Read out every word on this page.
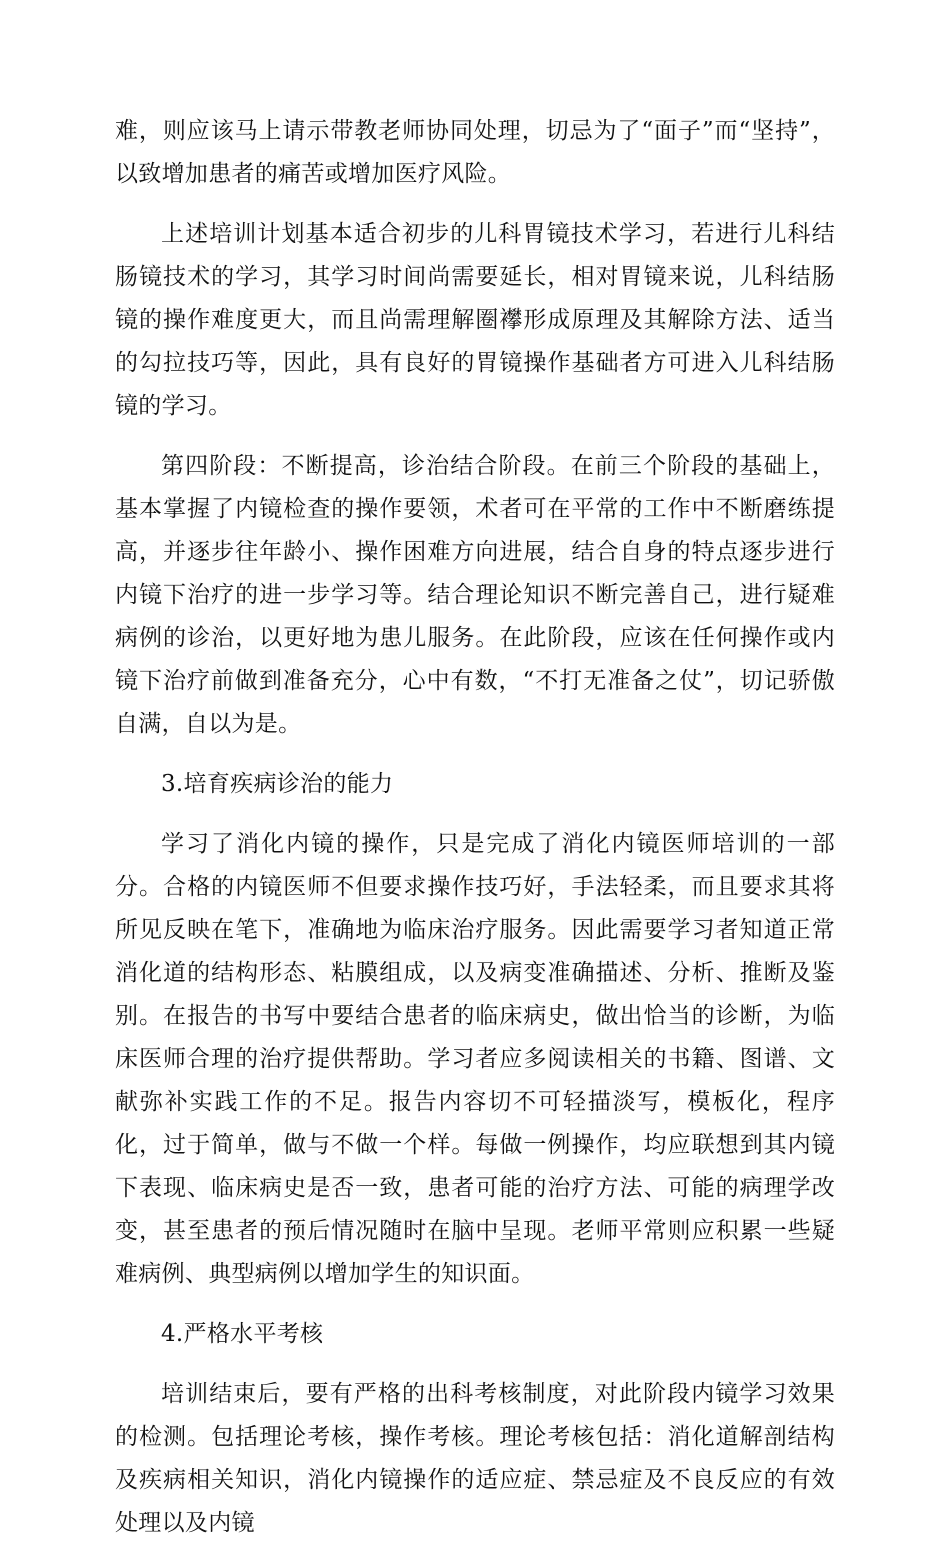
难，则应该马上请示带教老师协同处理，切忌为了“面子”而“坚持”，以致增加患者的痛苦或增加医疗风险。

上述培训计划基本适合初步的儿科胃镜技术学习，若进行儿科结肠镜技术的学习，其学习时间尚需要延长，相对胃镜来说，儿科结肠镜的操作难度更大，而且尚需理解圈襻形成原理及其解除方法、适当的勾拉技巧等，因此，具有良好的胃镜操作基础者方可进入儿科结肠镜的学习。

第四阶段：不断提高，诊治结合阶段。在前三个阶段的基础上，基本掌握了内镜检查的操作要领，术者可在平常的工作中不断磨练提高，并逐步往年龄小、操作困难方向进展，结合自身的特点逐步进行内镜下治疗的进一步学习等。结合理论知识不断完善自己，进行疑难病例的诊治，以更好地为患儿服务。在此阶段，应该在任何操作或内镜下治疗前做到准备充分，心中有数，“不打无准备之仗”，切记骄傲自满，自以为是。

3.培育疾病诊治的能力

学习了消化内镜的操作，只是完成了消化内镜医师培训的一部分。合格的内镜医师不但要求操作技巧好，手法轻柔，而且要求其将所见反映在笔下，准确地为临床治疗服务。因此需要学习者知道正常消化道的结构形态、粘膜组成，以及病变准确描述、分析、推断及鉴别。在报告的书写中要结合患者的临床病史，做出恰当的诊断，为临床医师合理的治疗提供帮助。学习者应多阅读相关的书籍、图谱、文献弥补实践工作的不足。报告内容切不可轻描淡写，模板化，程序化，过于简单，做与不做一个样。每做一例操作，均应联想到其内镜下表现、临床病史是否一致，患者可能的治疗方法、可能的病理学改变，甚至患者的预后情况随时在脑中呈现。老师平常则应积累一些疑难病例、典型病例以增加学生的知识面。

4.严格水平考核

培训结束后，要有严格的出科考核制度，对此阶段内镜学习效果的检测。包括理论考核，操作考核。理论考核包括：消化道解剖结构及疾病相关知识，消化内镜操作的适应症、禁忌症及不良反应的有效处理以及内镜
